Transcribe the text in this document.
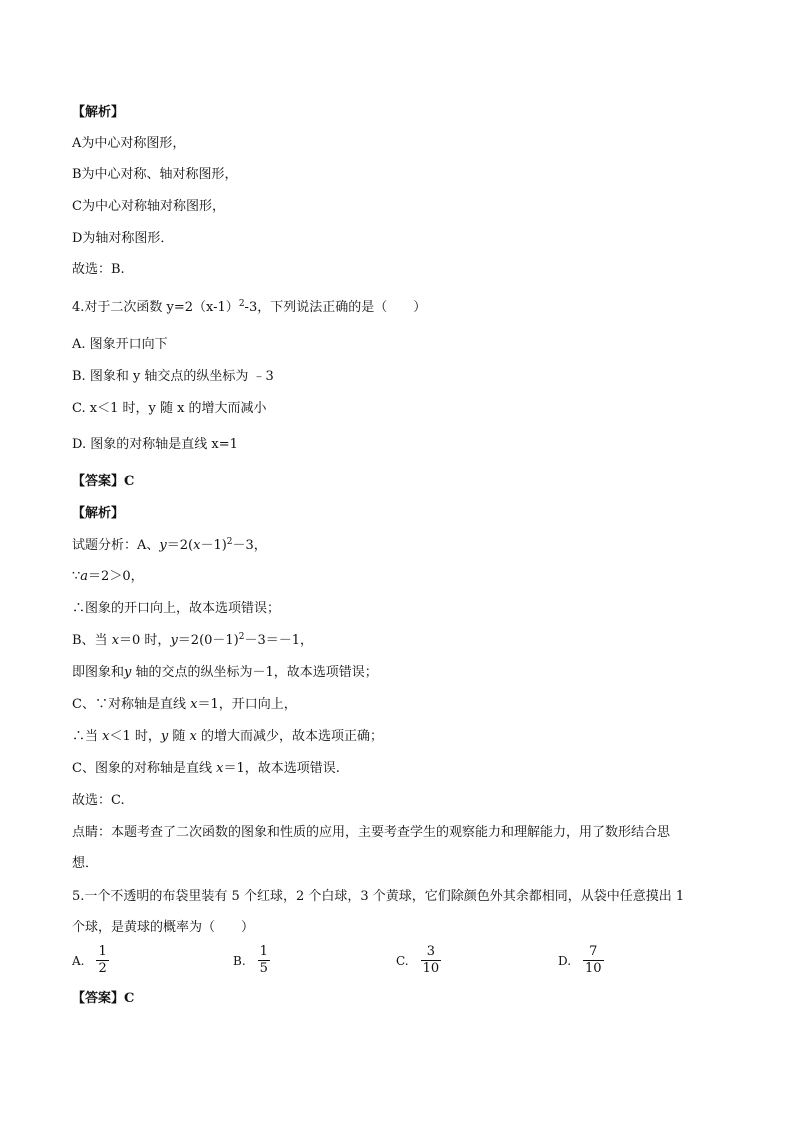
【解析】
A为中心对称图形，
B为中心对称、轴对称图形，
C为中心对称轴对称图形，
D为轴对称图形．
故选：B.
4.对于二次函数 $y=2(x-1)^2-3$，下列说法正确的是（　　）
A. 图象开口向下
B. 图象和 y 轴交点的纵坐标为 ﹣3
C. x＜1 时，y 随 x 的增大而减小
D. 图象的对称轴是直线 x=1
【答案】C
【解析】
试题分析：A、$y=2(x-1)^2-3$，
∵a＝2＞0，
∴图象的开口向上，故本选项错误；
B、当 x＝0 时，$y=2(0-1)^2-3=-1$，
即图象和y 轴的交点的纵坐标为－1，故本选项错误；
C、∵对称轴是直线 x＝1，开口向上，
∴当 x＜1 时，y 随 x 的增大而减少，故本选项正确；
C、图象的对称轴是直线 x＝1，故本选项错误.
故选：C.
点睛：本题考查了二次函数的图象和性质的应用，主要考查学生的观察能力和理解能力，用了数形结合思
想．
5.一个不透明的布袋里装有 5 个红球，2 个白球，3 个黄球，它们除颜色外其余都相同，从袋中任意摸出 1
个球，是黄球的概率为（　　）
A. $\frac{1}{2}$	B. $\frac{1}{5}$	C. $\frac{3}{10}$	D. $\frac{7}{10}$
【答案】C
